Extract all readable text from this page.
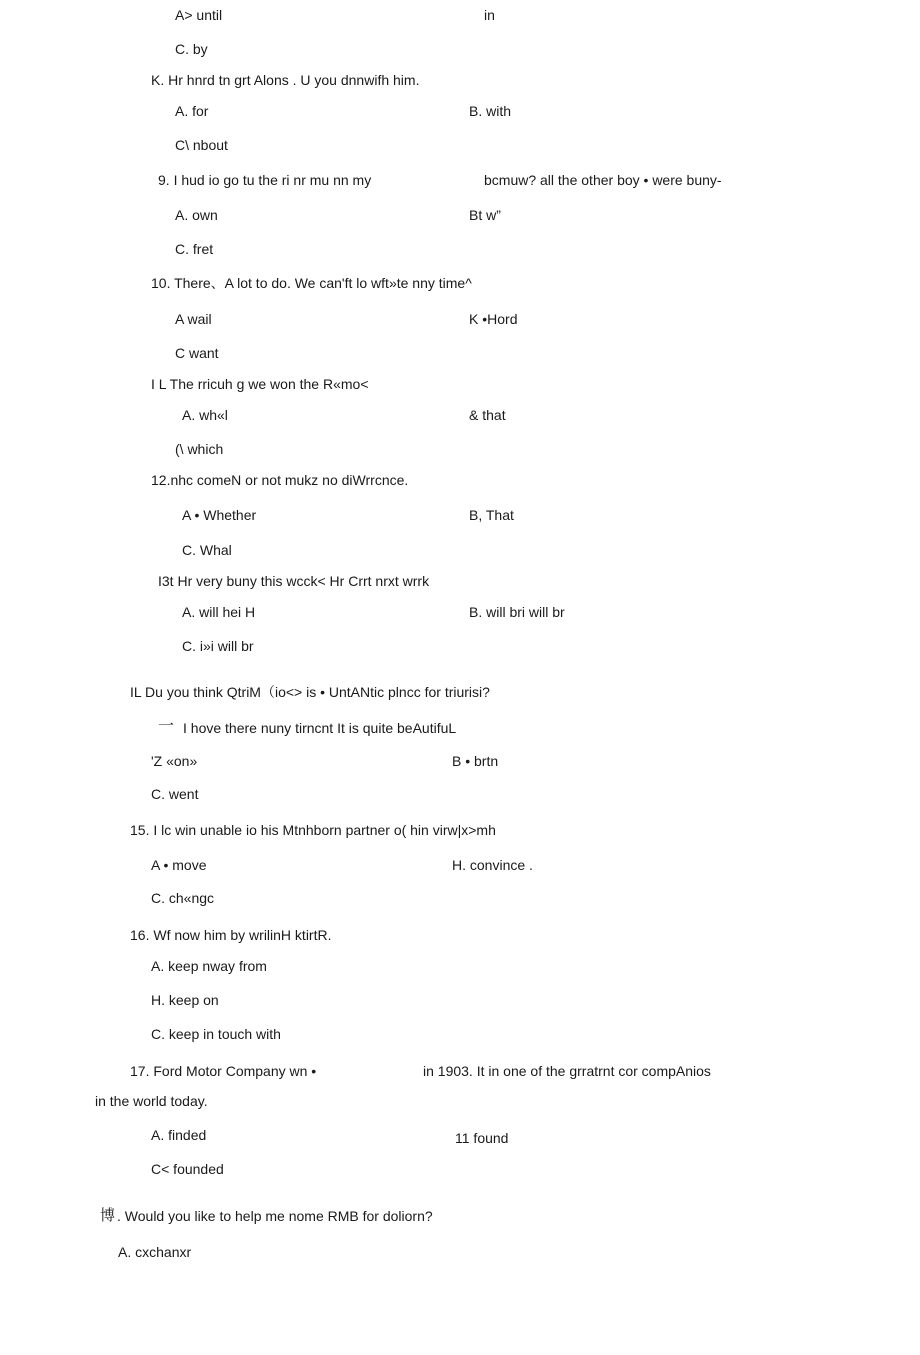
A> until	in
C. by
K. Hr hnrd tn grt Alons . U you dnnwifh him.
A. for	B. with
C\ nbout
9. I hud io go tu the ri nr mu nn my	bcmuw? all the other boy • were buny-
A. own	Bt w”
C. fret
10. There、A lot to do. We can'ft lo wft»te nny time^
A wail	K •Hord
C want
I L The rricuh g we won the R«mo<
A. wh«l	& that
(\ which
12.nhc comeN or not mukz no diWrrcnce.
A • Whether	B, That
C. Whal
I3t Hr very buny this wcck< Hr Crrt nrxt wrrk
A. will hei H	B. will bri will br
C. i»i will br
IL Du you think QtriM（io<> is • UntANtic plncc for triurisi?
一 I hove there nuny tirncnt It is quite beAutifuL
'Z «on»	B • brtn
C. went
15. I lc win unable io his Mtnhborn partner o( hin virw|x>mh
A • move	H. convince .
C. ch«ngc
16. Wf now him by wrilinH ktirtR.
A. keep nway from
H. keep on
C. keep in touch with
17. Ford Motor Company wn •	in 1903. It in one of the grratrnt cor compAnios
in the world today.
A. finded	11 found
C< founded
博 . Would you like to help me nome RMB for doliorn?
A. cxchanxr
